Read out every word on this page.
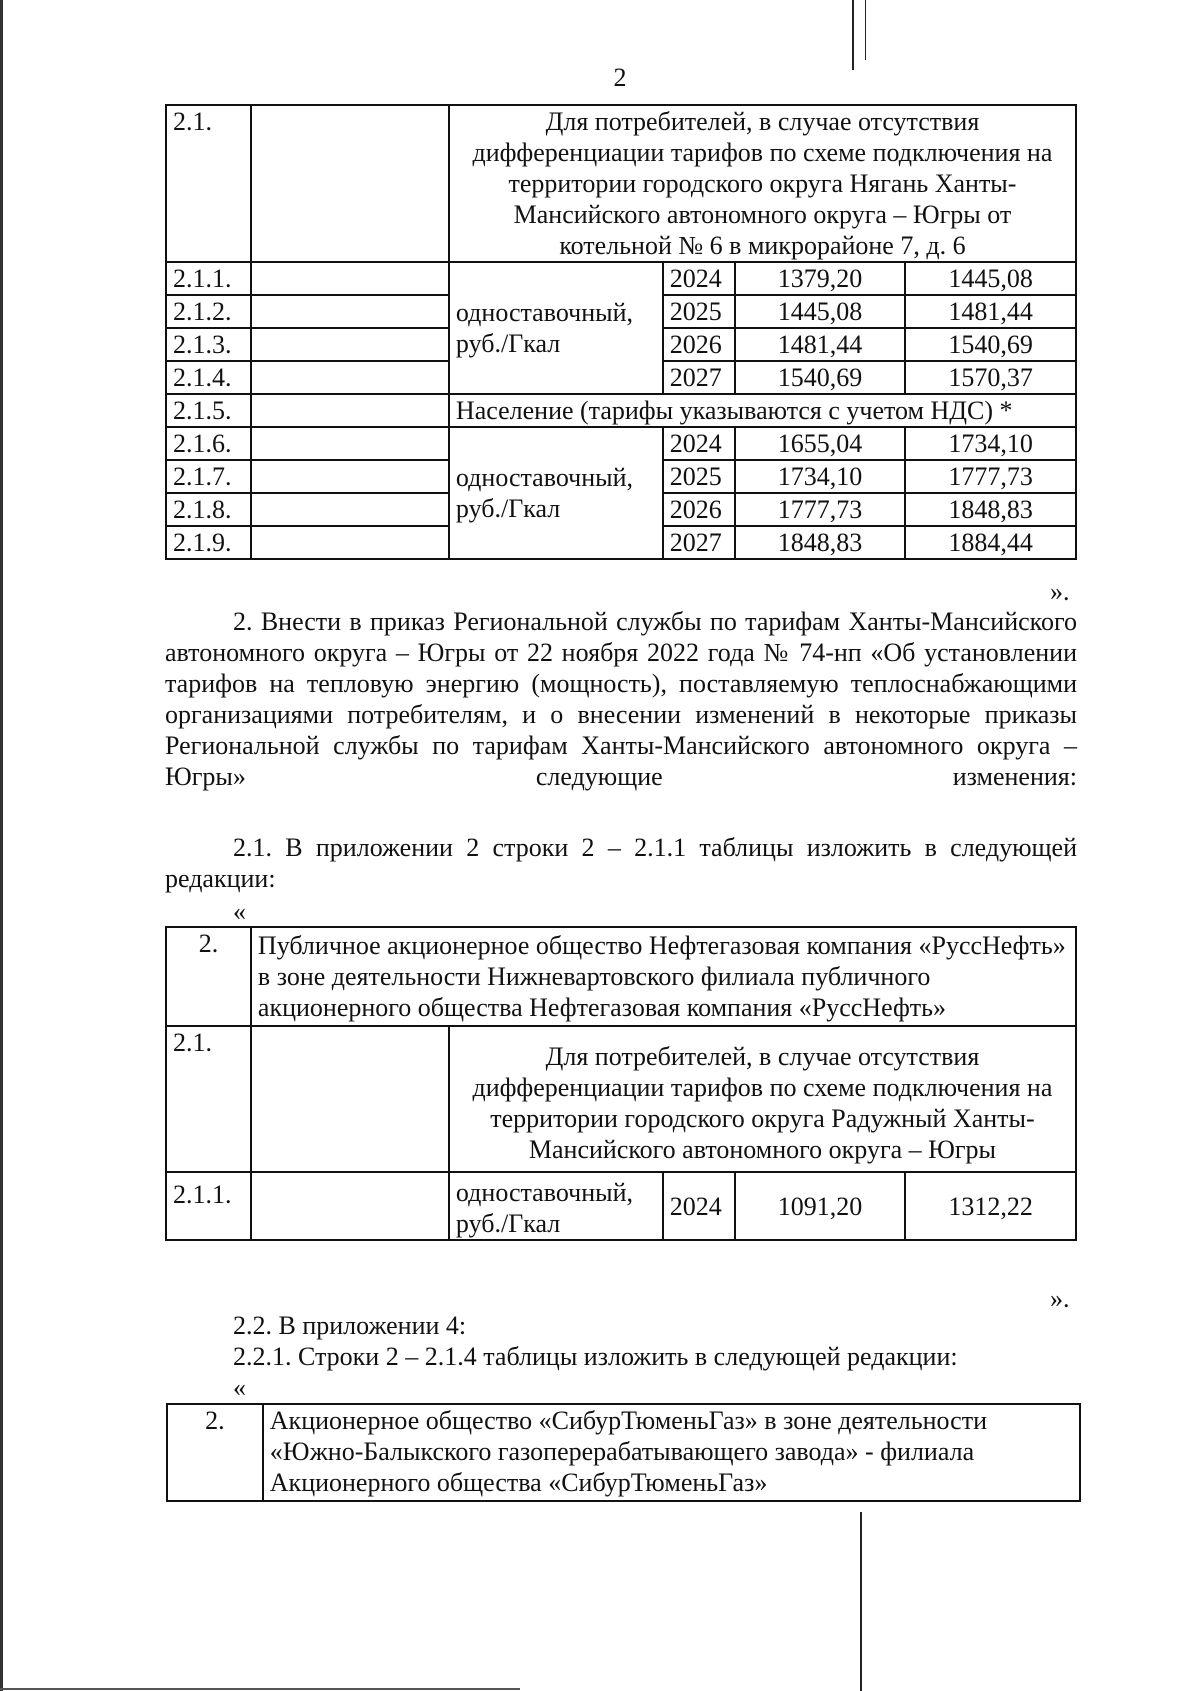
2
2.1.		Для потребителей, в случае отсутствия дифференциации тарифов по схеме подключения на территории городского округа Нягань Ханты-Мансийского автономного округа – Югры от котельной № 6 в микрорайоне 7, д. 6			
2.1.1.		одноставочный, руб./Гкал	2024	1379,20	1445,08
2.1.2.			2025	1445,08	1481,44
2.1.3.			2026	1481,44	1540,69
2.1.4.			2027	1540,69	1570,37
2.1.5.		Население (тарифы указываются с учетом НДС) *			
2.1.6.		одноставочный, руб./Гкал	2024	1655,04	1734,10
2.1.7.			2025	1734,10	1777,73
2.1.8.			2026	1777,73	1848,83
2.1.9.			2027	1848,83	1884,44
».
2. Внести в приказ Региональной службы по тарифам Ханты-Мансийского автономного округа – Югры от 22 ноября 2022 года № 74-нп «Об установлении тарифов на тепловую энергию (мощность), поставляемую теплоснабжающими организациями потребителям, и о внесении изменений в некоторые приказы Региональной службы по тарифам Ханты-Мансийского автономного округа – Югры» следующие изменения:
2.1. В приложении 2 строки 2 – 2.1.1 таблицы изложить в следующей редакции:
«
2.	Публичное акционерное общество Нефтегазовая компания «РуссНефть» в зоне деятельности Нижневартовского филиала публичного акционерного общества Нефтегазовая компания «РуссНефть»				
2.1.		Для потребителей, в случае отсутствия дифференциации тарифов по схеме подключения на территории городского округа Радужный Ханты-Мансийского автономного округа – Югры			
2.1.1.		одноставочный, руб./Гкал	2024	1091,20	1312,22
».
2.2. В приложении 4:
2.2.1. Строки 2 – 2.1.4 таблицы изложить в следующей редакции:
«
2.	Акционерное общество «СибурТюменьГаз» в зоне деятельности «Южно-Балыкского газоперерабатывающего завода» - филиала Акционерного общества «СибурТюменьГаз»
